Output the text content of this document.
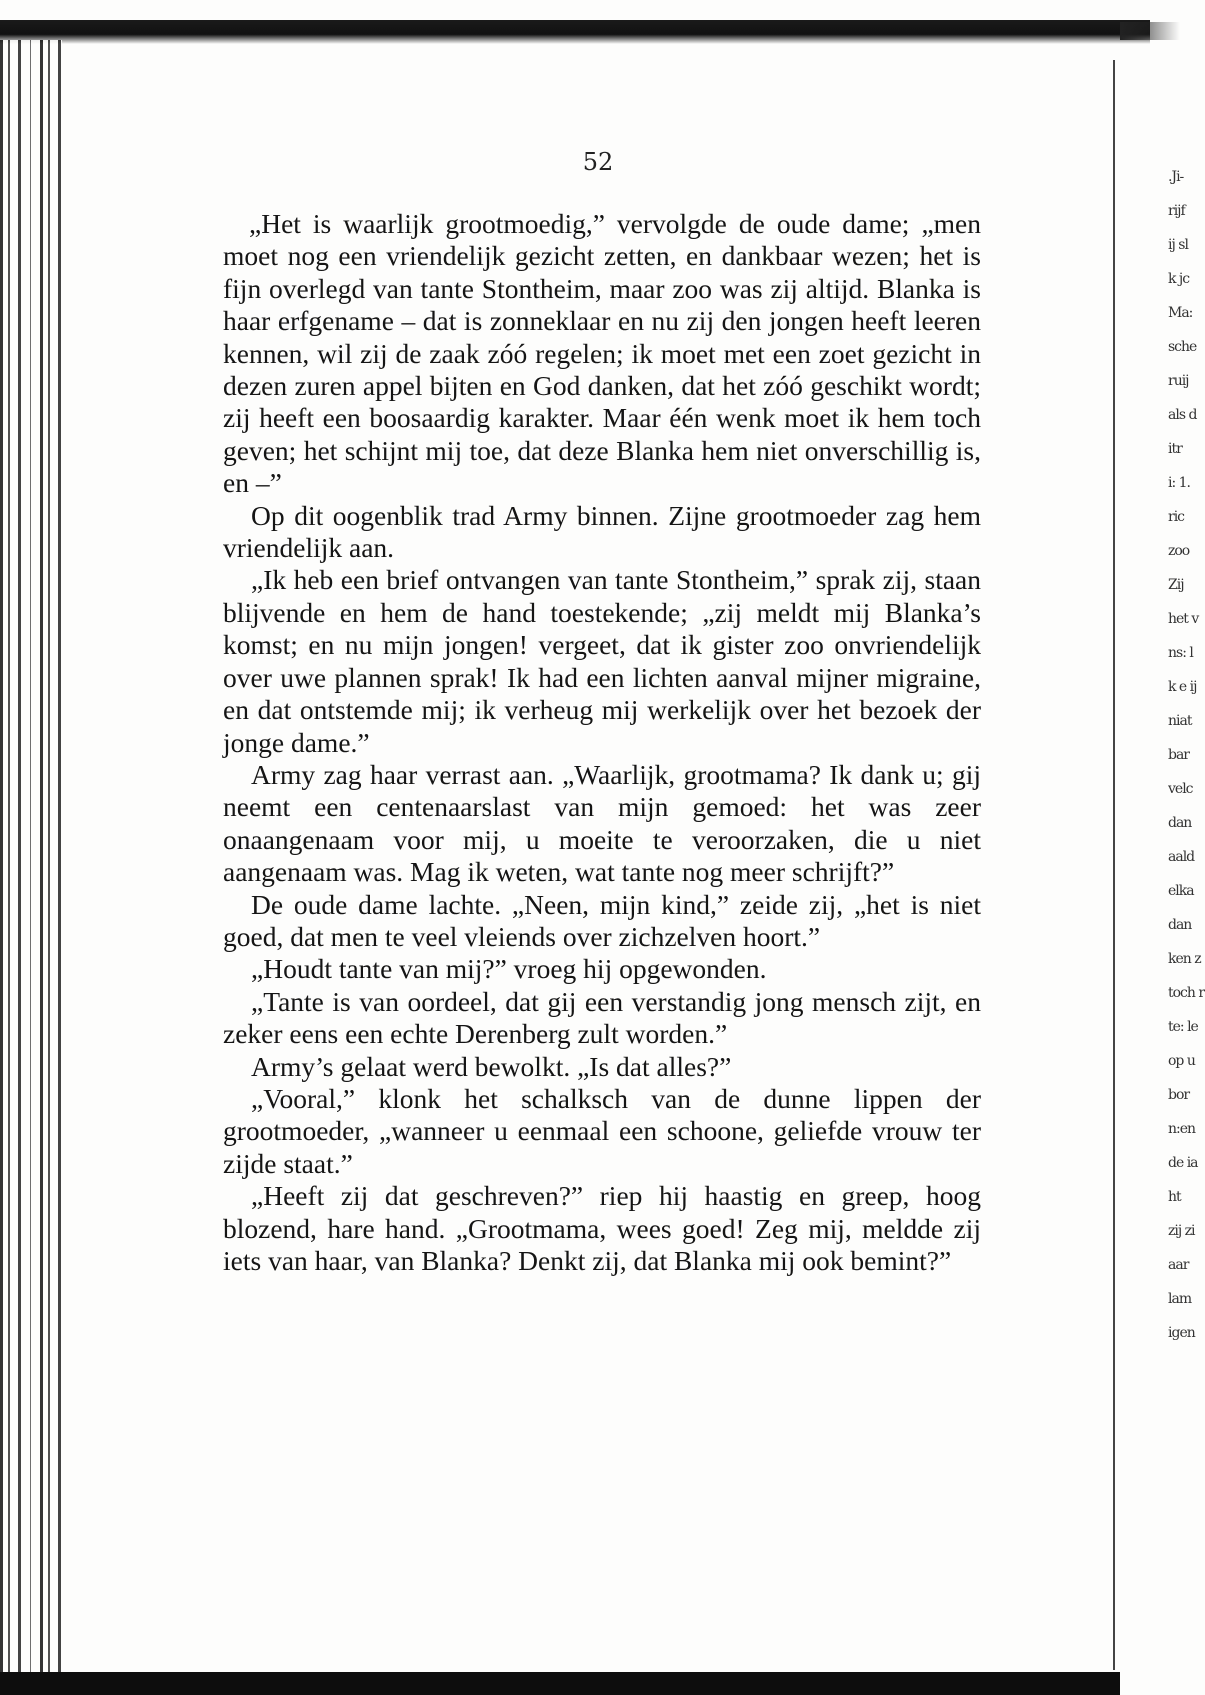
.Ji-
rijf
ij sl
k jc
Ma:
sche
ruij
als d
itr
i: 1.
ric
zoo
Zij
het v
ns: l
k e ij
niat
bar
velc
dan
aald
elka
dan
ken z
toch r
te: le
op u
bor
n:en
de ia
ht
zij zi
aar
lam
igen
52

„Het is waarlijk grootmoedig,” vervolgde de oude dame; „men moet nog een vriendelijk gezicht zetten, en dankbaar wezen; het is fijn overlegd van tante Stontheim, maar zoo was zij altijd. Blanka is haar erfgename – dat is zonneklaar en nu zij den jongen heeft leeren kennen, wil zij de zaak zóó regelen; ik moet met een zoet gezicht in dezen zuren appel bijten en God danken, dat het zóó geschikt wordt; zij heeft een boosaardig karakter. Maar één wenk moet ik hem toch geven; het schijnt mij toe, dat deze Blanka hem niet onverschillig is, en –”

Op dit oogenblik trad Army binnen. Zijne grootmoeder zag hem vriendelijk aan.

„Ik heb een brief ontvangen van tante Stontheim,” sprak zij, staan blijvende en hem de hand toestekende; „zij meldt mij Blanka’s komst; en nu mijn jongen! vergeet, dat ik gister zoo onvriendelijk over uwe plannen sprak! Ik had een lichten aanval mijner migraine, en dat ontstemde mij; ik verheug mij werkelijk over het bezoek der jonge dame.”

Army zag haar verrast aan. „Waarlijk, grootmama? Ik dank u; gij neemt een centenaarslast van mijn gemoed: het was zeer onaangenaam voor mij, u moeite te veroorzaken, die u niet aangenaam was. Mag ik weten, wat tante nog meer schrijft?”

De oude dame lachte. „Neen, mijn kind,” zeide zij, „het is niet goed, dat men te veel vleiends over zichzelven hoort.”

„Houdt tante van mij?” vroeg hij opgewonden.

„Tante is van oordeel, dat gij een verstandig jong mensch zijt, en zeker eens een echte Derenberg zult worden.”

Army’s gelaat werd bewolkt. „Is dat alles?”

„Vooral,” klonk het schalksch van de dunne lippen der grootmoeder, „wanneer u eenmaal een schoone, geliefde vrouw ter zijde staat.”

„Heeft zij dat geschreven?” riep hij haastig en greep, hoog blozend, hare hand. „Grootmama, wees goed! Zeg mij, meldde zij iets van haar, van Blanka? Denkt zij, dat Blanka mij ook bemint?”
